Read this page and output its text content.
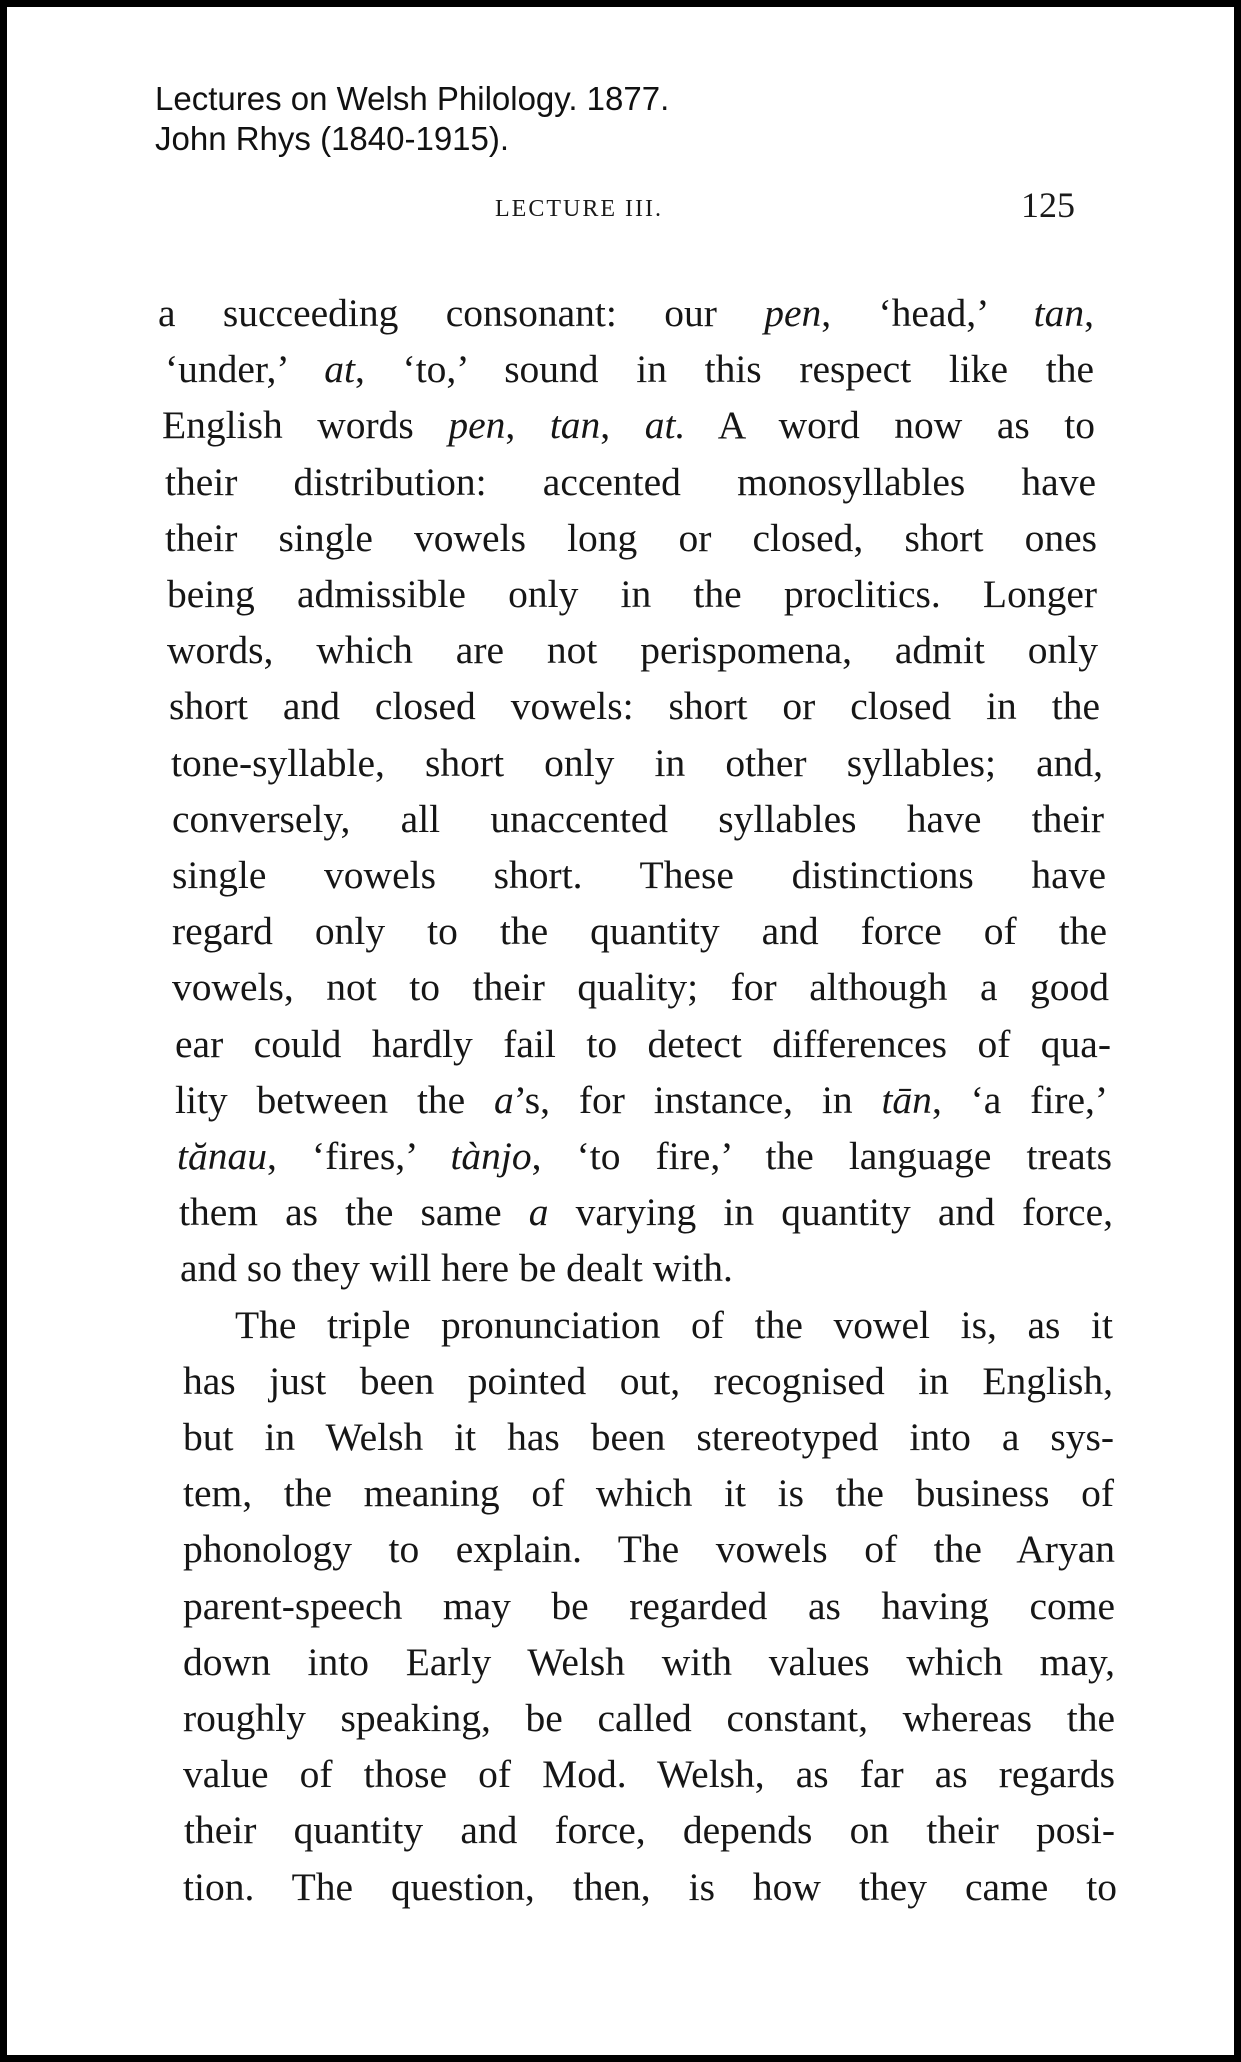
Lectures on Welsh Philology. 1877.
John Rhys (1840-1915).
LECTURE III.	125
a succeeding consonant: our pen, ‘head,’ tan,
‘under,’ at, ‘to,’ sound in this respect like the
English words pen, tan, at. A word now as to
their distribution: accented monosyllables have
their single vowels long or closed, short ones
being admissible only in the proclitics. Longer
words, which are not perispomena, admit only
short and closed vowels: short or closed in the
tone-syllable, short only in other syllables; and,
conversely, all unaccented syllables have their
single vowels short. These distinctions have
regard only to the quantity and force of the
vowels, not to their quality; for although a good
ear could hardly fail to detect differences of qua-
lity between the a’s, for instance, in tān, ‘a fire,’
tănau, ‘fires,’ tànjo, ‘to fire,’ the language treats
them as the same a varying in quantity and force,
and so they will here be dealt with.
The triple pronunciation of the vowel is, as it
has just been pointed out, recognised in English,
but in Welsh it has been stereotyped into a sys-
tem, the meaning of which it is the business of
phonology to explain. The vowels of the Aryan
parent-speech may be regarded as having come
down into Early Welsh with values which may,
roughly speaking, be called constant, whereas the
value of those of Mod. Welsh, as far as regards
their quantity and force, depends on their posi-
tion. The question, then, is how they came to
